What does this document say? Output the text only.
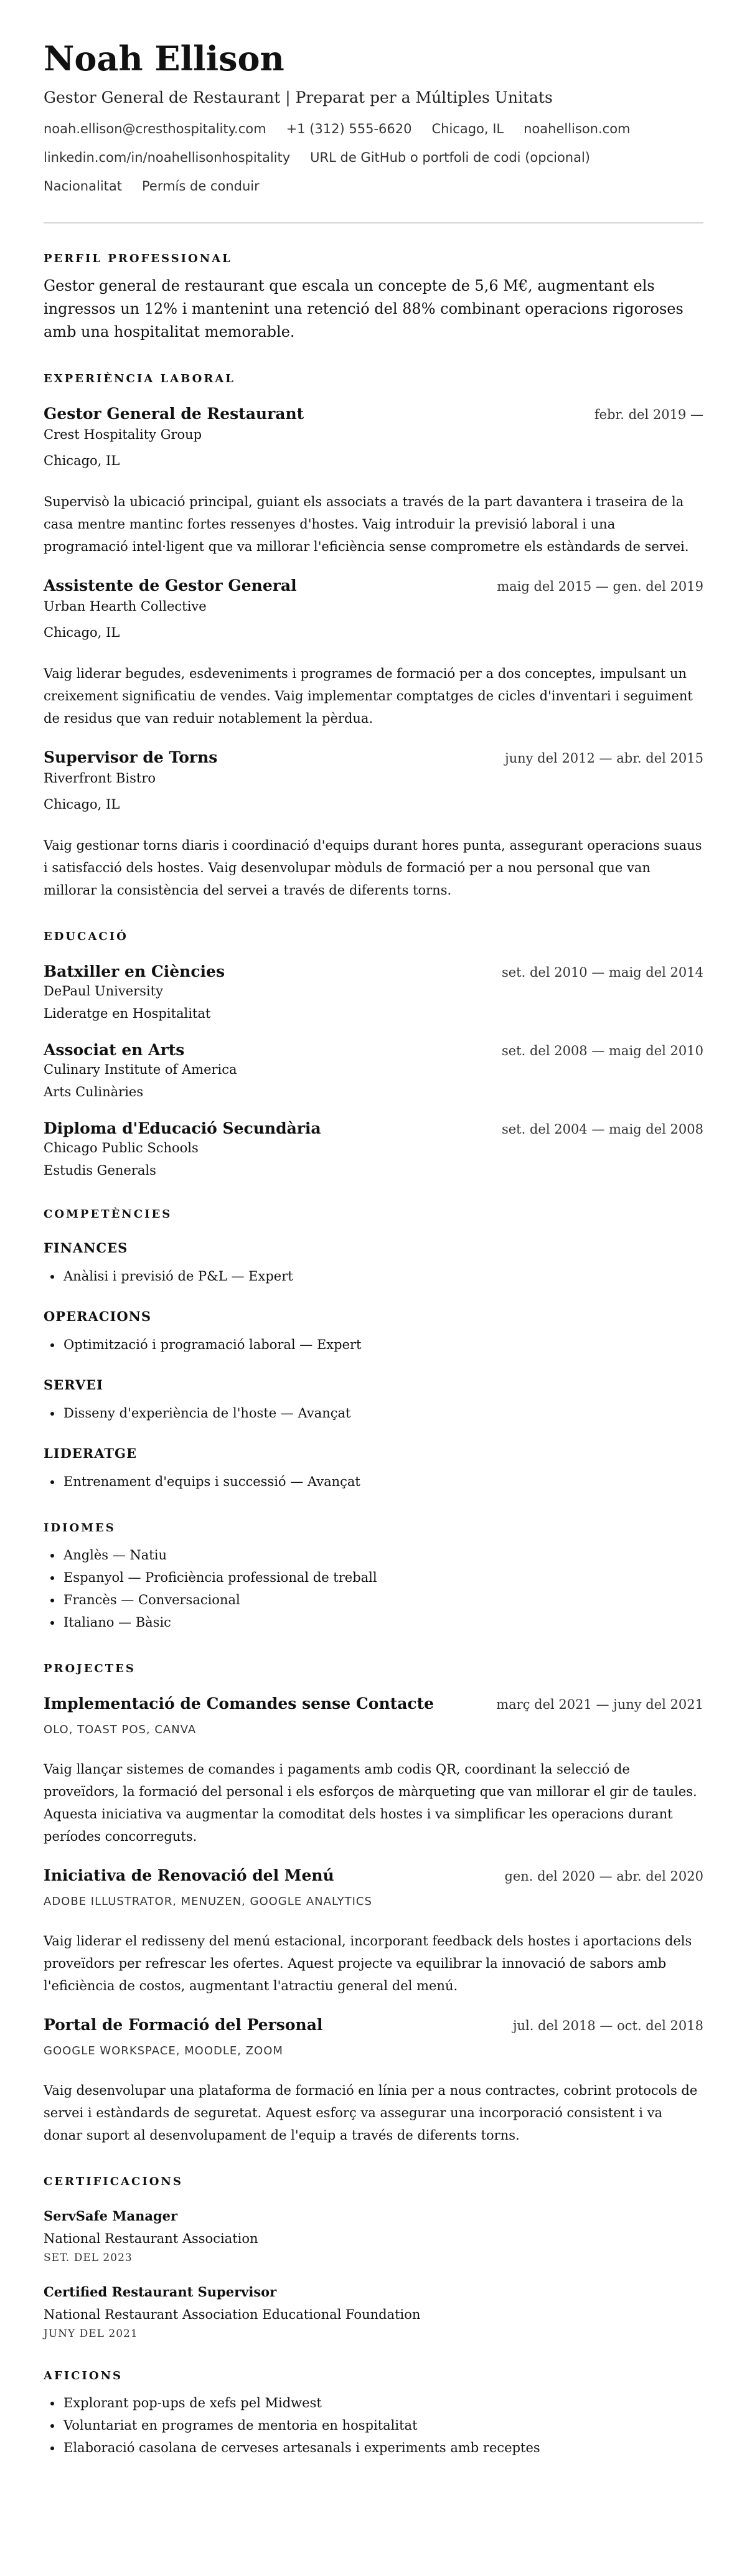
Noah Ellison
Gestor General de Restaurant | Preparat per a Múltiples Unitats
noah.ellison@cresthospitality.com +1 (312) 555-6620 Chicago, IL noahellison.com
linkedin.com/in/noahellisonhospitality URL de GitHub o portfoli de codi (opcional)
Nacionalitat Permís de conduir
PERFIL PROFESSIONAL
Gestor general de restaurant que escala un concepte de 5,6 M€, augmentant els ingressos un 12% i mantenint una retenció del 88% combinant operacions rigoroses amb una hospitalitat memorable.
EXPERIÈNCIA LABORAL
Gestor General de Restaurant	febr. del 2019 —
Crest Hospitality Group
Chicago, IL
Supervisò la ubicació principal, guiant els associats a través de la part davantera i traseira de la casa mentre mantinc fortes ressenyes d'hostes. Vaig introduir la previsió laboral i una programació intel·ligent que va millorar l'eficiència sense comprometre els estàndards de servei.
Assistente de Gestor General	maig del 2015 — gen. del 2019
Urban Hearth Collective
Chicago, IL
Vaig liderar begudes, esdeveniments i programes de formació per a dos conceptes, impulsant un creixement significatiu de vendes. Vaig implementar comptatges de cicles d'inventari i seguiment de residus que van reduir notablement la pèrdua.
Supervisor de Torns	juny del 2012 — abr. del 2015
Riverfront Bistro
Chicago, IL
Vaig gestionar torns diaris i coordinació d'equips durant hores punta, assegurant operacions suaus i satisfacció dels hostes. Vaig desenvolupar mòduls de formació per a nou personal que van millorar la consistència del servei a través de diferents torns.
EDUCACIÓ
Batxiller en Ciències	set. del 2010 — maig del 2014
DePaul University
Lideratge en Hospitalitat
Associat en Arts	set. del 2008 — maig del 2010
Culinary Institute of America
Arts Culinàries
Diploma d'Educació Secundària	set. del 2004 — maig del 2008
Chicago Public Schools
Estudis Generals
COMPETÈNCIES
FINANCES
• Anàlisi i previsió de P&L — Expert
OPERACIONS
• Optimització i programació laboral — Expert
SERVEI
• Disseny d'experiència de l'hoste — Avançat
LIDERATGE
• Entrenament d'equips i successió — Avançat
IDIOMES
• Anglès — Natiu
• Espanyol — Proficiència professional de treball
• Francès — Conversacional
• Italiano — Bàsic
PROJECTES
Implementació de Comandes sense Contacte	març del 2021 — juny del 2021
OLO, TOAST POS, CANVA
Vaig llançar sistemes de comandes i pagaments amb codis QR, coordinant la selecció de proveïdors, la formació del personal i els esforços de màrqueting que van millorar el gir de taules. Aquesta iniciativa va augmentar la comoditat dels hostes i va simplificar les operacions durant períodes concorreguts.
Iniciativa de Renovació del Menú	gen. del 2020 — abr. del 2020
ADOBE ILLUSTRATOR, MENUZEN, GOOGLE ANALYTICS
Vaig liderar el redisseny del menú estacional, incorporant feedback dels hostes i aportacions dels proveïdors per refrescar les ofertes. Aquest projecte va equilibrar la innovació de sabors amb l'eficiència de costos, augmentant l'atractiu general del menú.
Portal de Formació del Personal	jul. del 2018 — oct. del 2018
GOOGLE WORKSPACE, MOODLE, ZOOM
Vaig desenvolupar una plataforma de formació en línia per a nous contractes, cobrint protocols de servei i estàndards de seguretat. Aquest esforç va assegurar una incorporació consistent i va donar suport al desenvolupament de l'equip a través de diferents torns.
CERTIFICACIONS
ServSafe Manager
National Restaurant Association
SET. DEL 2023
Certified Restaurant Supervisor
National Restaurant Association Educational Foundation
JUNY DEL 2021
AFICIONS
• Explorant pop-ups de xefs pel Midwest
• Voluntariat en programes de mentoria en hospitalitat
• Elaboració casolana de cerveses artesanals i experiments amb receptes
